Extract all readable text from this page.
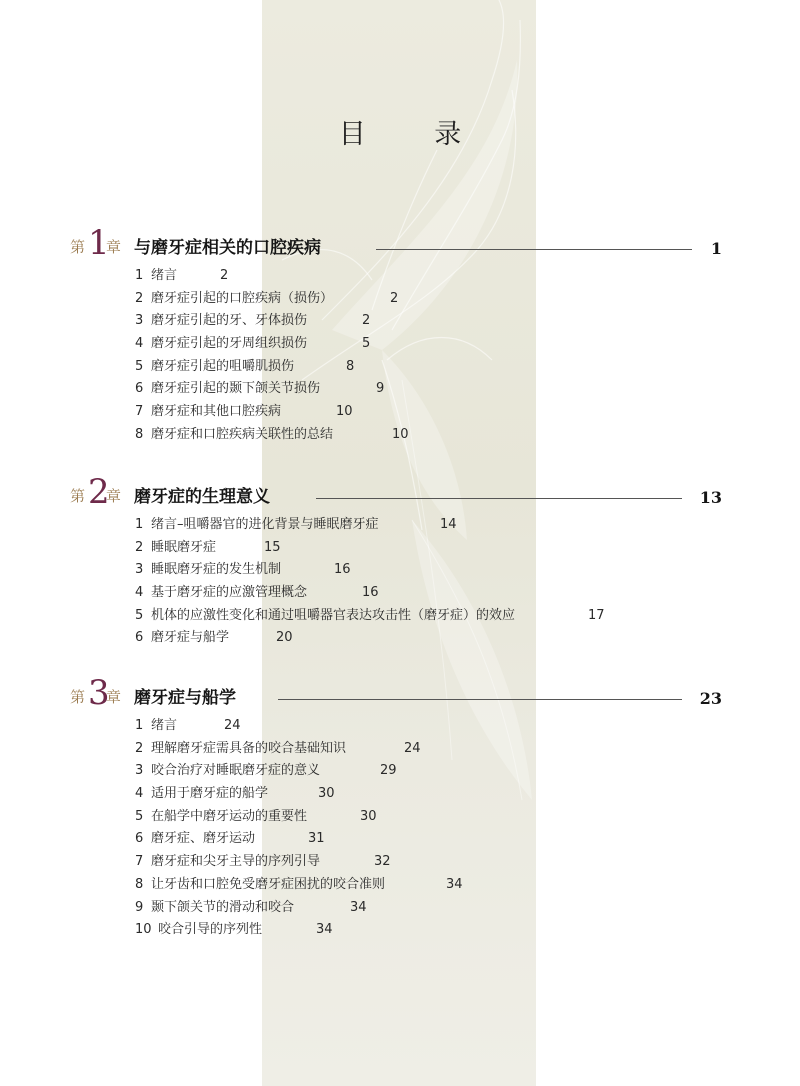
目 录
第 1
章 与磨牙症相关的口腔疾病	1
1 绪言	2
2 磨牙症引起的口腔疾病（损伤）	2
3 磨牙症引起的牙、牙体损伤	2
4 磨牙症引起的牙周组织损伤	5
5 磨牙症引起的咀嚼肌损伤	8
6 磨牙症引起的颞下颌关节损伤	9
7 磨牙症和其他口腔疾病	10
8 磨牙症和口腔疾病关联性的总结	10
第 2
章 磨牙症的生理意义	13
1 绪言–咀嚼器官的进化背景与睡眠磨牙症	14
2 睡眠磨牙症	15
3 睡眠磨牙症的发生机制	16
4 基于磨牙症的应激管理概念	16
5 机体的应激性变化和通过咀嚼器官表达攻击性（磨牙症）的效应	17
6 磨牙症与船学	20
第 3
章 磨牙症与船学	23
1 绪言	24
2 理解磨牙症需具备的咬合基础知识	24
3 咬合治疗对睡眠磨牙症的意义	29
4 适用于磨牙症的船学	30
5 在船学中磨牙运动的重要性	30
6 磨牙症、磨牙运动	31
7 磨牙症和尖牙主导的序列引导	32
8 让牙齿和口腔免受磨牙症困扰的咬合准则	34
9 颞下颌关节的滑动和咬合	34
10 咬合引导的序列性	34
